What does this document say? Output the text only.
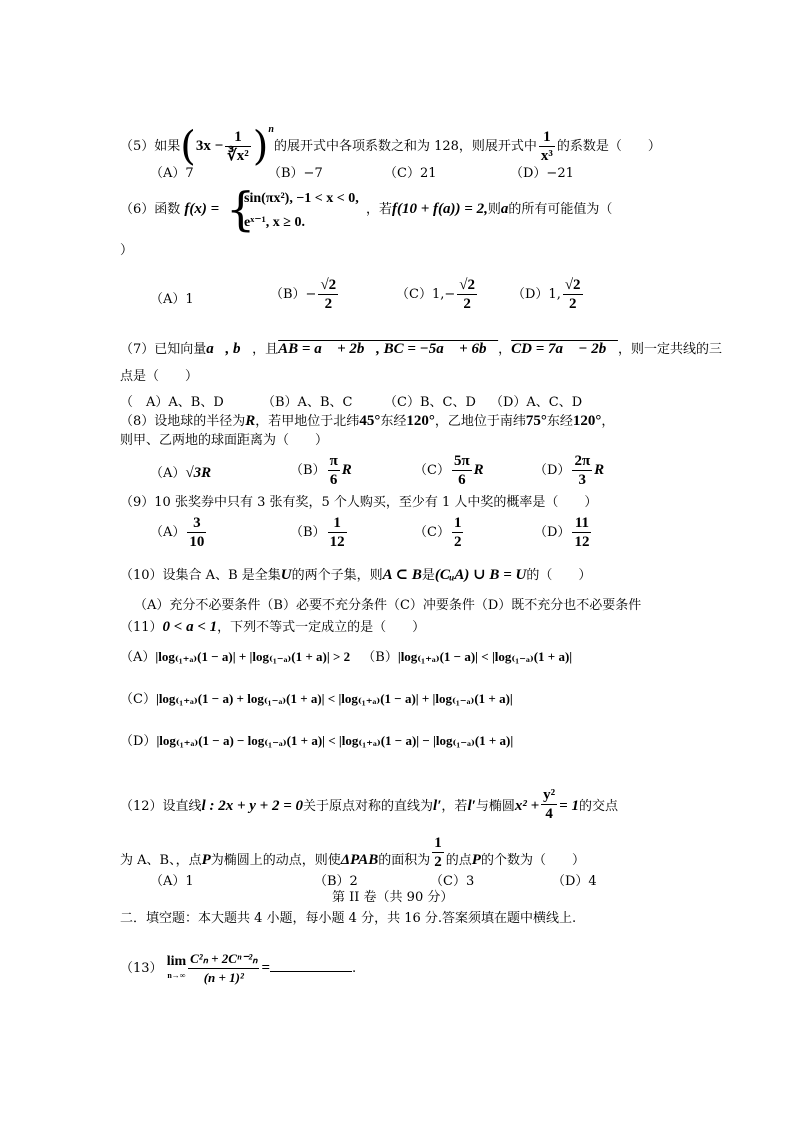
（5）如果$(3x - \frac{1}{\text{∛x²}} )^n$的展开式中各项系数之和为 128，则展开式中 $\frac{1}{\text{x³}}$ 的系数是（　　）
（A）7	（B）−7	（C）21	（D）−21
（6）函数 f(x) = {
sin(πx²), −1 < x < 0,
eˣ⁻¹, x ≥ 0.
，若f(10 + f(a)) = 2,则a的所有可能值为（
）
（A）1	$(B)- \frac{√2}{2}$	$(C)1,- \frac{√2}{2}$	（D）1, $\frac{√2}{2}$
（7）已知向量a⃗, b⃗，且AB = a⃗ + 2b⃗, BC = −5a⃗ + 6b⃗，CD = 7a⃗ − 2b⃗，则一定共线的三
点是（　　）
（　A）A、B、D	（B）A、B、C （C）B、C、D （D）A、C、D
（8）设地球的半径为R，若甲地位于北纬45°东经120°，乙地位于南纬75°东经120°，
则甲、乙两地的球面距离为（　　）
（A）√3R	$(B) \frac{\pi}{6}$ R	$(C) \frac{5\pi}{6}$ R	$(D) \frac{2\pi}{3}$ R
（9）10 张奖券中只有 3 张有奖，5 个人购买，至少有 1 人中奖的概率是（　　）
$(A) \frac{3}{10}$	$(B) \frac{1}{12}$	$(C) \frac{1}{2}$	$(D) \frac{11}{12}$
（10）设集合 A、B 是全集U的两个子集，则A ⊂ B是(CᵤA) ∪ B = U的（　　）
（A）充分不必要条件（B）必要不充分条件（C）冲要条件（D）既不充分也不必要条件
（11）0 < a < 1，下列不等式一定成立的是（　　）
（A）|log₍₁₊ₐ₎(1 − a)| + |log₍₁₋ₐ₎(1 + a)| > 2 （B）|log₍₁₊ₐ₎(1 − a)| < |log₍₁₋ₐ₎(1 + a)|
（C）|log₍₁₊ₐ₎(1 − a) + log₍₁₋ₐ₎(1 + a)| < |log₍₁₊ₐ₎(1 − a)| + |log₍₁₋ₐ₎(1 + a)|
（D）|log₍₁₊ₐ₎(1 − a) − log₍₁₋ₐ₎(1 + a)| < |log₍₁₊ₐ₎(1 − a)| − |log₍₁₋ₐ₎(1 + a)|
（12）设直线l : 2x + y + 2 = 0关于原点对称的直线为l′，若l′与椭圆$x^2 + \frac{\text{y²}}{4} = 1$的交点
为 A、B、，点P为椭圆上的动点，则使ΔPAB的面积为 $\frac{1}{2}$ 的点P的个数为（　　）
（A）1	（B）2	（C）3	（D）4
第 II 卷（共 90 分）
二．填空题：本大题共 4 小题，每小题 4 分，共 16 分.答案须填在题中横线上.
（13） lim
$n\to\infty \frac{\text{C²ₙ + 2Cⁿ⁻²ₙ}}{\text{(n + 1)²}}$ =	.
